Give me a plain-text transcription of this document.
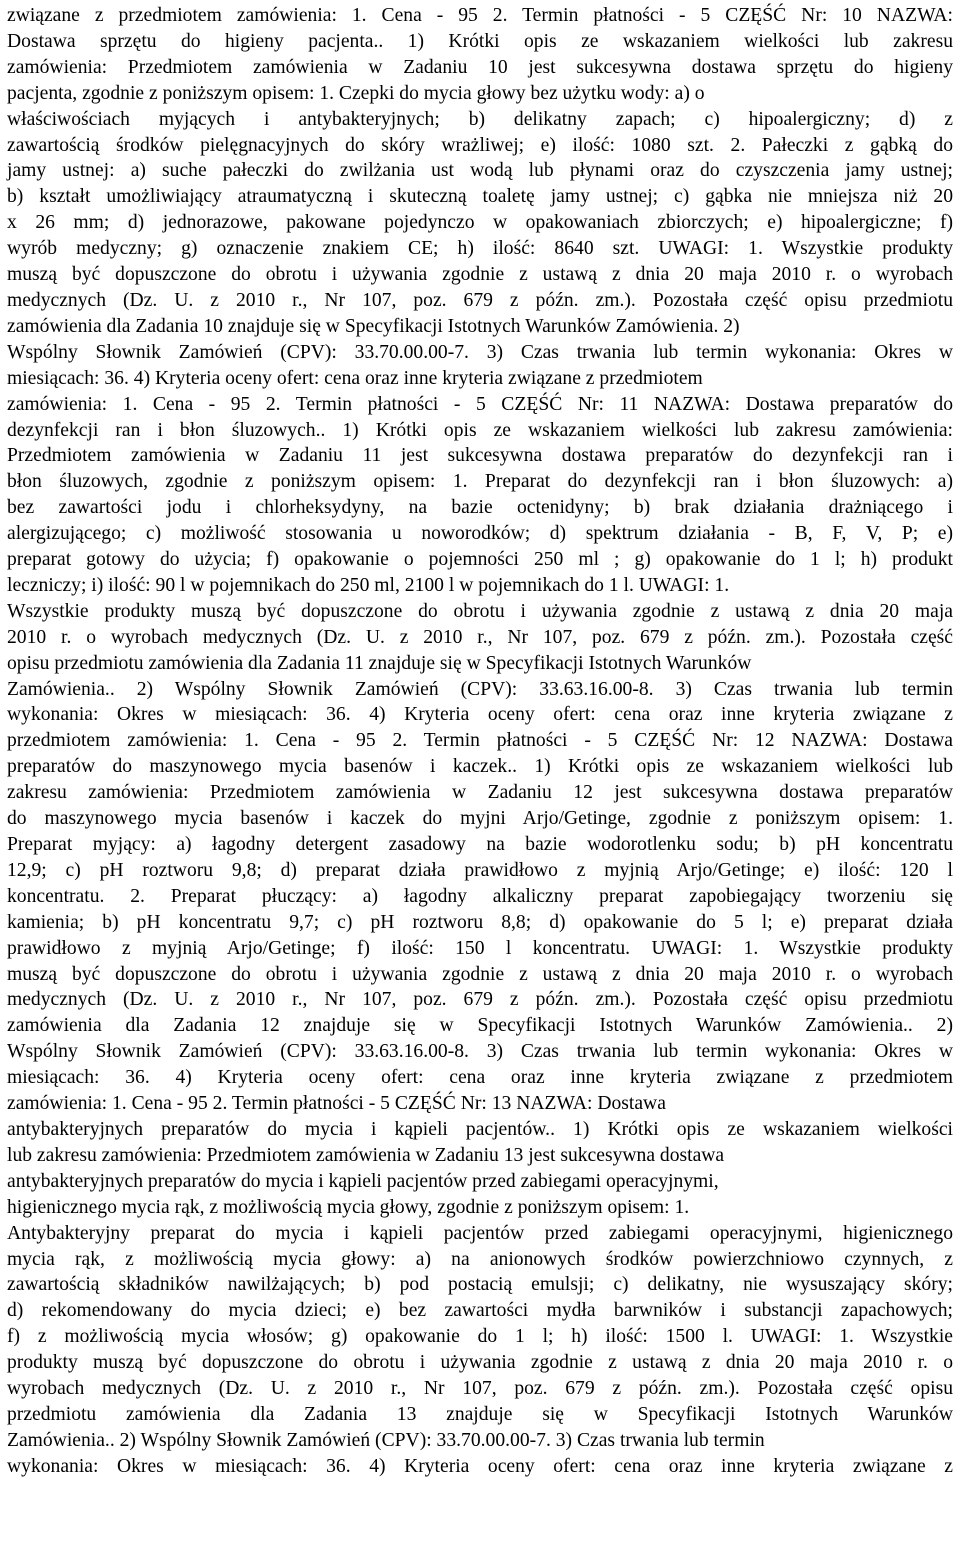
związane z przedmiotem zamówienia: 1. Cena - 95 2. Termin płatności - 5 CZĘŚĆ Nr: 10 NAZWA:
Dostawa sprzętu do higieny pacjenta.. 1) Krótki opis ze wskazaniem wielkości lub zakresu
zamówienia: Przedmiotem zamówienia w Zadaniu 10 jest sukcesywna dostawa sprzętu do higieny
pacjenta, zgodnie z poniższym opisem: 1. Czepki do mycia głowy bez użytku wody: a) o
właściwościach myjących i antybakteryjnych; b) delikatny zapach; c) hipoalergiczny; d) z
zawartością środków pielęgnacyjnych do skóry wrażliwej; e) ilość: 1080 szt. 2. Pałeczki z gąbką do
jamy ustnej: a) suche pałeczki do zwilżania ust wodą lub płynami oraz do czyszczenia jamy ustnej;
b) kształt umożliwiający atraumatyczną i skuteczną toaletę jamy ustnej; c) gąbka nie mniejsza niż 20
x 26 mm; d) jednorazowe, pakowane pojedynczo w opakowaniach zbiorczych; e) hipoalergiczne; f)
wyrób medyczny; g) oznaczenie znakiem CE; h) ilość: 8640 szt. UWAGI: 1. Wszystkie produkty
muszą być dopuszczone do obrotu i używania zgodnie z ustawą z dnia 20 maja 2010 r. o wyrobach
medycznych (Dz. U. z 2010 r., Nr 107, poz. 679 z późn. zm.). Pozostała część opisu przedmiotu
zamówienia dla Zadania 10 znajduje się w Specyfikacji Istotnych Warunków Zamówienia. 2)
Wspólny Słownik Zamówień (CPV): 33.70.00.00-7. 3) Czas trwania lub termin wykonania: Okres w
miesiącach: 36. 4) Kryteria oceny ofert: cena oraz inne kryteria związane z przedmiotem
zamówienia: 1. Cena - 95 2. Termin płatności - 5 CZĘŚĆ Nr: 11 NAZWA: Dostawa preparatów do
dezynfekcji ran i błon śluzowych.. 1) Krótki opis ze wskazaniem wielkości lub zakresu zamówienia:
Przedmiotem zamówienia w Zadaniu 11 jest sukcesywna dostawa preparatów do dezynfekcji ran i
błon śluzowych, zgodnie z poniższym opisem: 1. Preparat do dezynfekcji ran i błon śluzowych: a)
bez zawartości jodu i chlorheksydyny, na bazie octenidyny; b) brak działania drażniącego i
alergizującego; c) możliwość stosowania u noworodków; d) spektrum działania - B, F, V, P; e)
preparat gotowy do użycia; f) opakowanie o pojemności 250 ml ; g) opakowanie do 1 l; h) produkt
leczniczy; i) ilość: 90 l w pojemnikach do 250 ml, 2100 l w pojemnikach do 1 l. UWAGI: 1.
Wszystkie produkty muszą być dopuszczone do obrotu i używania zgodnie z ustawą z dnia 20 maja
2010 r. o wyrobach medycznych (Dz. U. z 2010 r., Nr 107, poz. 679 z późn. zm.). Pozostała część
opisu przedmiotu zamówienia dla Zadania 11 znajduje się w Specyfikacji Istotnych Warunków
Zamówienia.. 2) Wspólny Słownik Zamówień (CPV): 33.63.16.00-8. 3) Czas trwania lub termin
wykonania: Okres w miesiącach: 36. 4) Kryteria oceny ofert: cena oraz inne kryteria związane z
przedmiotem zamówienia: 1. Cena - 95 2. Termin płatności - 5 CZĘŚĆ Nr: 12 NAZWA: Dostawa
preparatów do maszynowego mycia basenów i kaczek.. 1) Krótki opis ze wskazaniem wielkości lub
zakresu zamówienia: Przedmiotem zamówienia w Zadaniu 12 jest sukcesywna dostawa preparatów
do maszynowego mycia basenów i kaczek do myjni Arjo/Getinge, zgodnie z poniższym opisem: 1.
Preparat myjący: a) łagodny detergent zasadowy na bazie wodorotlenku sodu; b) pH koncentratu
12,9; c) pH roztworu 9,8; d) preparat działa prawidłowo z myjnią Arjo/Getinge; e) ilość: 120 l
koncentratu. 2. Preparat płuczący: a) łagodny alkaliczny preparat zapobiegający tworzeniu się
kamienia; b) pH koncentratu 9,7; c) pH roztworu 8,8; d) opakowanie do 5 l; e) preparat działa
prawidłowo z myjnią Arjo/Getinge; f) ilość: 150 l koncentratu. UWAGI: 1. Wszystkie produkty
muszą być dopuszczone do obrotu i używania zgodnie z ustawą z dnia 20 maja 2010 r. o wyrobach
medycznych (Dz. U. z 2010 r., Nr 107, poz. 679 z późn. zm.). Pozostała część opisu przedmiotu
zamówienia dla Zadania 12 znajduje się w Specyfikacji Istotnych Warunków Zamówienia.. 2)
Wspólny Słownik Zamówień (CPV): 33.63.16.00-8. 3) Czas trwania lub termin wykonania: Okres w
miesiącach: 36. 4) Kryteria oceny ofert: cena oraz inne kryteria związane z przedmiotem
zamówienia: 1. Cena - 95 2. Termin płatności - 5 CZĘŚĆ Nr: 13 NAZWA: Dostawa
antybakteryjnych preparatów do mycia i kąpieli pacjentów.. 1) Krótki opis ze wskazaniem wielkości
lub zakresu zamówienia: Przedmiotem zamówienia w Zadaniu 13 jest sukcesywna dostawa
antybakteryjnych preparatów do mycia i kąpieli pacjentów przed zabiegami operacyjnymi,
higienicznego mycia rąk, z możliwością mycia głowy, zgodnie z poniższym opisem: 1.
Antybakteryjny preparat do mycia i kąpieli pacjentów przed zabiegami operacyjnymi, higienicznego
mycia rąk, z możliwością mycia głowy: a) na anionowych środków powierzchniowo czynnych, z
zawartością składników nawilżających; b) pod postacią emulsji; c) delikatny, nie wysuszający skóry;
d) rekomendowany do mycia dzieci; e) bez zawartości mydła barwników i substancji zapachowych;
f) z możliwością mycia włosów; g) opakowanie do 1 l; h) ilość: 1500 l. UWAGI: 1. Wszystkie
produkty muszą być dopuszczone do obrotu i używania zgodnie z ustawą z dnia 20 maja 2010 r. o
wyrobach medycznych (Dz. U. z 2010 r., Nr 107, poz. 679 z późn. zm.). Pozostała część opisu
przedmiotu zamówienia dla Zadania 13 znajduje się w Specyfikacji Istotnych Warunków
Zamówienia.. 2) Wspólny Słownik Zamówień (CPV): 33.70.00.00-7. 3) Czas trwania lub termin
wykonania: Okres w miesiącach: 36. 4) Kryteria oceny ofert: cena oraz inne kryteria związane z
